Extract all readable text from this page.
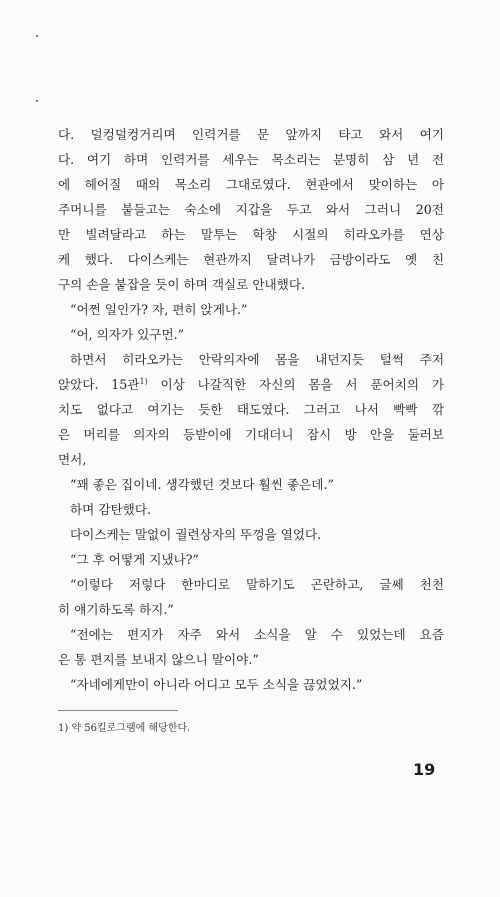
다. 덜컹덜컹거리며 인력거를 문 앞까지 타고 와서 여기
다. 여기 하며 인력거를 세우는 목소리는 분명히 삼 년 전
에 헤어질 때의 목소리 그대로였다. 현관에서 맞이하는 아
주머니를 붙들고는 숙소에 지갑을 두고 와서 그러니 20전
만 빌려달라고 하는 말투는 학창 시절의 히라오카를 연상
케 했다. 다이스케는 현관까지 달려나가 금방이라도 옛 친
구의 손을 붙잡을 듯이 하며 객실로 안내했다.
“어쩐 일인가? 자, 편히 앉게나.”
“어, 의자가 있구먼.”
하면서 히라오카는 안락의자에 몸을 내던지듯 털썩 주저
앉았다. 15관$^{1)}$ 이상 나갈직한 자신의 몸을 서 푼어치의 가
치도 없다고 여기는 듯한 태도였다. 그러고 나서 빡빡 깎
은 머리를 의자의 등받이에 기대더니 잠시 방 안을 둘러보
면서,
“꽤 좋은 집이네. 생각했던 것보다 훨씬 좋은데.”
하며 감탄했다.
다이스케는 말없이 궐련상자의 뚜껑을 열었다.
“그 후 어떻게 지냈나?”
“이렇다 저렇다 한마디로 말하기도 곤란하고, 글쎄 천천
히 얘기하도록 하지.”
“전에는 편지가 자주 와서 소식을 알 수 있었는데 요즘
은 통 편지를 보내지 않으니 말이야.”
“자네에게만이 아니라 어디고 모두 소식을 끊었었지.”
1) 약 56킬로그램에 해당한다.
19
